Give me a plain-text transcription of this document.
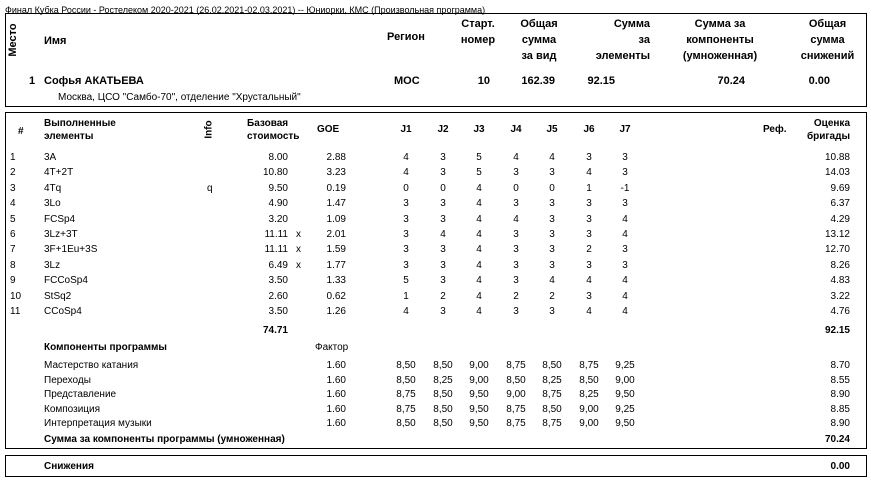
Финал Кубка России - Ростелеком 2020-2021 (26.02.2021-02.03.2021) -- Юниорки, КМС (Произвольная программа)
Место Имя	Регион
Старт.
номер
Общая
сумма
за вид
Сумма
за
элементы
Сумма за
компоненты
(умноженная)
Общая
сумма
снижений
1 Софья АКАТЬЕВА	МОС	10	162.39	92.15	70.24	0.00
Москва, ЦСО "Самбо-70", отделение "Хрустальный"
#
Выполненные
элементы	Info	Базовая
стоимость
GOE	J1	J2	J3	J4	J5	J6	J7	Реф.
Оценка
бригады
1	3A	8.00	2.88	4	3	5	4	4	3	3	10.88
2	4T+2T	10.80	3.23	4	3	5	3	3	4	3	14.03
3	4Tq	q	9.50	0.19	0	0	4	0	0	1	-1	9.69
4	3Lo	4.90	1.47	3	3	4	3	3	3	3	6.37
5	FCSp4	3.20	1.09	3	3	4	4	3	3	4	4.29
6	3Lz+3T	11.11 x	2.01	3	4	4	3	3	3	4	13.12
7	3F+1Eu+3S	11.11 x	1.59	3	3	4	3	3	2	3	12.70
8	3Lz	6.49 x	1.77	3	3	4	3	3	3	3	8.26
9	FCCoSp4	3.50	1.33	5	3	4	3	4	4	4	4.83
10	StSq2	2.60	0.62	1	2	4	2	2	3	4	3.22
11	CCoSp4	3.50	1.26	4	3	4	3	3	4	4	4.76
74.71	92.15
Компоненты программы	Фактор
Мастерство катания	1.60	8,50	8,50	9,00	8,75	8,50	8,75	9,25	8.70
Переходы	1.60	8,50	8,25	9,00	8,50	8,25	8,50	9,00	8.55
Представление	1.60	8,75	8,50	9,50	9,00	8,75	8,25	9,50	8.90
Композиция	1.60	8,75	8,50	9,50	8,75	8,50	9,00	9,25	8.85
Интерпретация музыки	1.60	8,50	8,50	9,50	8,75	8,75	9,00	9,50	8.90
Сумма за компоненты программы (умноженная)	70.24
Снижения	0.00
